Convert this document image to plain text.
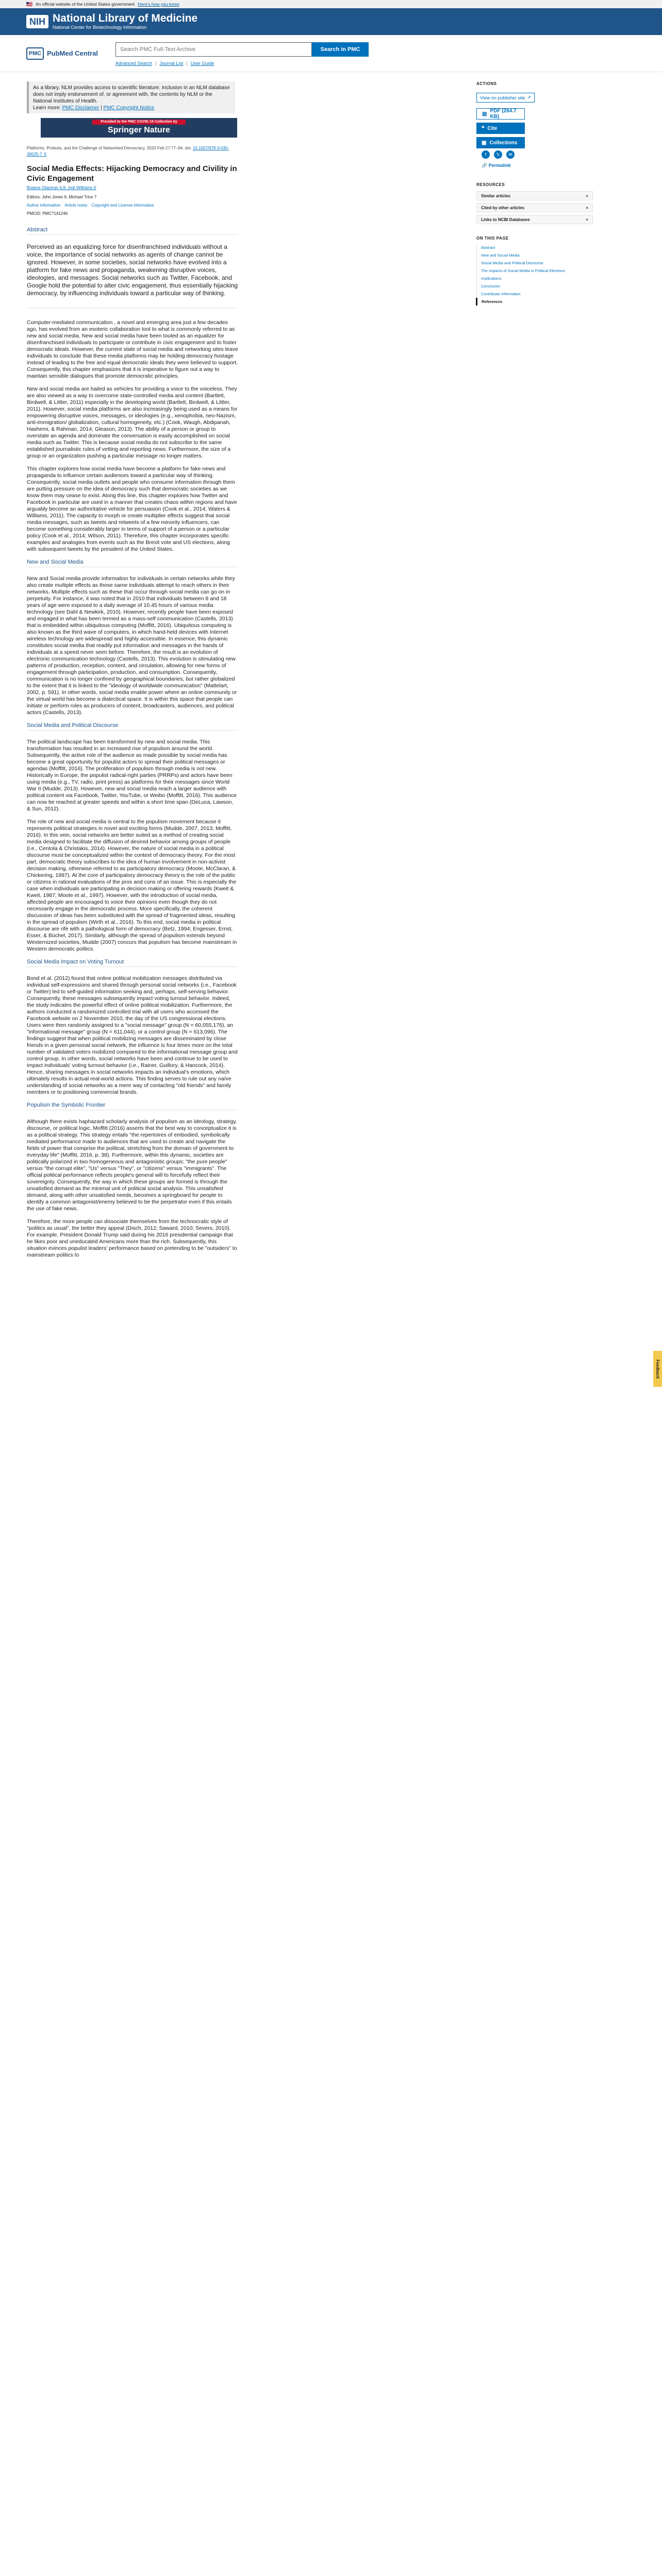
An official website of the United States government Here's how you know
NIH National Library of Medicine
National Center for Biotechnology Information
PMC PubMed Central	Search PMC Full-Text Archive	Search in PMC
Advanced Search | Journal List | User Guide
As a library, NLM provides access to scientific literature. Inclusion in an NLM database does not imply endorsement of, or agreement with, the contents by NLM or the National Institutes of Health.
Learn more: PMC Disclaimer | PMC Copyright Notice
Provided to the PMC COVID-19 Collection by
Springer Nature
Platforms, Protests, and the Challenge of Networked Democracy. 2020 Feb 27:77–94. doi: 10.1007/978-3-030-36525-7_5
Social Media Effects: Hijacking Democracy and Civility in Civic Engagement
Bolane Olaniran 4,8, Indi Williams 5
Editors: John Jones 6, Michael Trice 7
Author information Article notes Copyright and License information
PMCID: PMC7141246
ACTIONS
View on publisher site ↗
▤ PDF (264.7 KB)
❝ Cite
▦ Collections
f	𝕏	✉
🔗 Permalink
RESOURCES
Similar articles	+
Cited by other articles	+
Links to NCBI Databases	+
ON THIS PAGE
Abstract
New and Social Media
Social Media and Political Discourse
The Impacts of Social Media in Political Elections
Implications
Conclusion
Contributor Information
References
Feedback
Abstract

Perceived as an equalizing force for disenfranchised individuals without a voice, the importance of social networks as agents of change cannot be ignored. However, in some societies, social networks have evolved into a platform for fake news and propaganda, weakening disruptive voices, ideologies, and messages. Social networks such as Twitter, Facebook, and Google hold the potential to alter civic engagement, thus essentially hijacking democracy, by influencing individuals toward a particular way of thinking.

Computer-mediated communication , a novel and emerging area just a few decades ago, has evolved from an esoteric collaboration tool to what is commonly referred to as new and social media. New and social media have been touted as an equalizer for disenfranchised individuals to participate or contribute in civic engagement and to foster democratic ideals. However, the current state of social media and networking sites leave individuals to conclude that these media platforms may be holding democracy hostage instead of leading to the free and equal democratic ideals they were believed to support. Consequently, this chapter emphasizes that it is imperative to figure out a way to maintain sensible dialogues that promote democratic principles.

New and social media are hailed as vehicles for providing a voice to the voiceless. They are also viewed as a way to overcome state-controlled media and content (Bartlett, Birdwell, & Littler, 2011) especially in the developing world (Bartlett, Birdwell, & Littler, 2011). However, social media platforms are also increasingly being used as a means for empowering disruptive voices, messages, or ideologies (e.g., xenophobia, neo-Nazism, anti-immigration/ globalization, cultural homogeneity, etc.) (Cook, Waugh, Abdipanah, Hashemi, & Rahman, 2014; Gleason, 2013). The ability of a person or group to overstate an agenda and dominate the conversation is easily accomplished on social media such as Twitter. This is because social media do not subscribe to the same established journalistic rules of vetting and reporting news. Furthermore, the size of a group or an organization pushing a particular message no longer matters.

This chapter explores how social media have become a platform for fake news and propaganda to influence certain audiences toward a particular way of thinking. Consequently, social media outlets and people who consume information through them are putting pressure on the idea of democracy such that democratic societies as we know them may cease to exist. Along this line, this chapter explores how Twitter and Facebook in particular are used in a manner that creates chaos within regions and have arguably become an authoritative vehicle for persuasion (Cook et al., 2014; Waters & Williams, 2011). The capacity to morph or create multiplier effects suggest that social media messages, such as tweets and retweets of a few minority influencers, can become something considerably larger in terms of support of a person or a particular policy (Cook et al., 2014; Wilson, 2011). Therefore, this chapter incorporates specific examples and analogies from events such as the Brexit vote and US elections, along with subsequent tweets by the president of the United States.

New and Social Media

New and Social media provide information for individuals in certain networks while they also create multiple effects as those same individuals attempt to reach others in their networks. Multiple effects such as these that occur through social media can go on in perpetuity. For instance, it was noted that in 2010 that individuals between 8 and 18 years of age were exposed to a daily average of 10.45 hours of various media technology (see Dahl & Newkirk, 2010). However, recently people have been exposed and engaged in what has been termed as a mass-self communication (Castells, 2013) that is embedded within ubiquitous computing (Moffitt, 2016). Ubiquitous computing is also known as the third wave of computers, in which hand-held devices with Internet wireless technology are widespread and highly accessible. In essence, this dynamic constitutes social media that readily put information and messages in the hands of individuals at a speed never seen before. Therefore, the result is an evolution of electronic communication technology (Castells, 2013). This evolution is stimulating new patterns of production, reception, content, and circulation, allowing for new forms of engagement through participation, production, and consumption. Consequently, communication is no longer confined by geographical boundaries, but rather globalized to the extent that it is linked to the "ideology of worldwide communication" (Mattelart, 2002, p. 591). In other words, social media enable power where an online community or the virtual world has become a dialectical space. It is within this space that people can initiate or perform roles as producers of content, broadcasters, audiences, and political actors (Castells, 2013).

Social Media and Political Discourse

The political landscape has been transformed by new and social media. This transformation has resulted in an increased rise of populism around the world. Subsequently, the active role of the audience as made possible by social media has become a great opportunity for populist actors to spread their political messages or agendas (Moffitt, 2016). The proliferation of populism through media is not new. Historically in Europe, the populist radical-right parties (PRRPs) and actors have been using media (e.g., TV, radio, print press) as platforms for their messages since World War II (Mudde, 2013). However, new and social media reach a larger audience with political content via Facebook, Twitter, YouTube, or Weibo (Moffitt, 2016). This audience can now be reached at greater speeds and within a short time span (DeLuca, Lawson, & Sun, 2012).

The role of new and social media is central to the populism movement because it represents political strategies in novel and exciting forms (Mudde, 2007, 2013; Moffitt, 2016). In this vein, social networks are better suited as a method of creating social media designed to facilitate the diffusion of desired behavior among groups of people (i.e., Centola & Christakis, 2014). However, the nature of social media in a political discourse must be conceptualized within the context of democracy theory. For the most part, democratic theory subscribes to the idea of human involvement in non-activist decision making, otherwise referred to as participatory democracy (Moote, McClaran, & Chickering, 1997). At the core of participatory democracy theory is the role of the public or citizens in rational evaluations of the pros and cons of an issue. This is especially the case when individuals are participating in decision making or offering rewards (Kweit & Kweit, 1987; Moote et al., 1997). However, with the introduction of social media, affected people are encouraged to voice their opinions even though they do not necessarily engage in the democratic process. More specifically, the coherent discussion of ideas has been substituted with the spread of fragmented ideas, resulting in the spread of populism (Wirth et al., 2016). To this end, social media in political discourse are rife with a pathological form of democracy (Betz, 1994; Engesser, Ernst, Esser, & Büchel, 2017). Similarly, although the spread of populism extends beyond Westernized societies, Mudde (2007) concurs that populism has become mainstream in Western democratic politics.

Social Media Impact on Voting Turnout

Bond et al. (2012) found that online political mobilization messages distributed via individual self-expressions and shared through personal social networks (i.e., Facebook or Twitter) led to self-guided information seeking and, perhaps, self-serving behavior. Consequently, these messages subsequently impact voting turnout behavior. Indeed, the study indicates the powerful effect of online political mobilization. Furthermore, the authors conducted a randomized controlled trial with all users who accessed the Facebook website on 2 November 2010, the day of the US congressional elections. Users were then randomly assigned to a "social message" group (N = 60,055,176), an "informational message" group (N = 611,044), or a control group (N = 613,096). The findings suggest that when political mobilizing messages are disseminated by close friends in a given personal social network, the influence is four times more on the total number of validated voters mobilized compared to the informational message group and control group. In other words, social networks have been and continue to be used to impact individuals' voting turnout behavior (i.e., Rainer, Guillory, & Hancock, 2014). Hence, sharing messages in social networks impacts an individual's emotions, which ultimately results in actual real-world actions. This finding serves to rule out any naïve understanding of social networks as a mere way of contacting "old friends" and family members or to positioning commercial brands.

Populism the Symbolic Frontier

Although there exists haphazard scholarly analysis of populism as an ideology, strategy, discourse, or political logic, Moffitt (2016) asserts that the best way to conceptualize it is as a political strategy. This strategy entails "the repertoires of embodied, symbolically mediated performance made to audiences that are used to create and navigate the fields of power that comprise the political, stretching from the domain of government to everyday life" (Moffitt, 2016, p. 38). Furthermore, within this dynamic, societies are politically polarized in two homogeneous and antagonistic groups: "the pure people" versus "the corrupt elite", "Us" versus "They", or "citizens" versus "immigrants". The official political performance reflects people's general will to forcefully reflect their sovereignty. Consequently, the way in which these groups are formed is through the unsatisfied demand as the minimal unit of political social analysis. This unsatisfied demand, along with other unsatisfied needs, becomes a springboard for people to identify a common antagonist/enemy believed to be the perpetrator even if this entails the use of fake news.

Therefore, the more people can dissociate themselves from the technocratic style of "politics as usual", the better they appeal (Disch, 2012; Saward, 2010; Severs, 2010). For example, President Donald Trump said during his 2016 presidential campaign that he likes poor and uneducated Americans more than the rich. Subsequently, this situation evinces populist leaders' performance based on pretending to be "outsiders" to mainstream politics to
